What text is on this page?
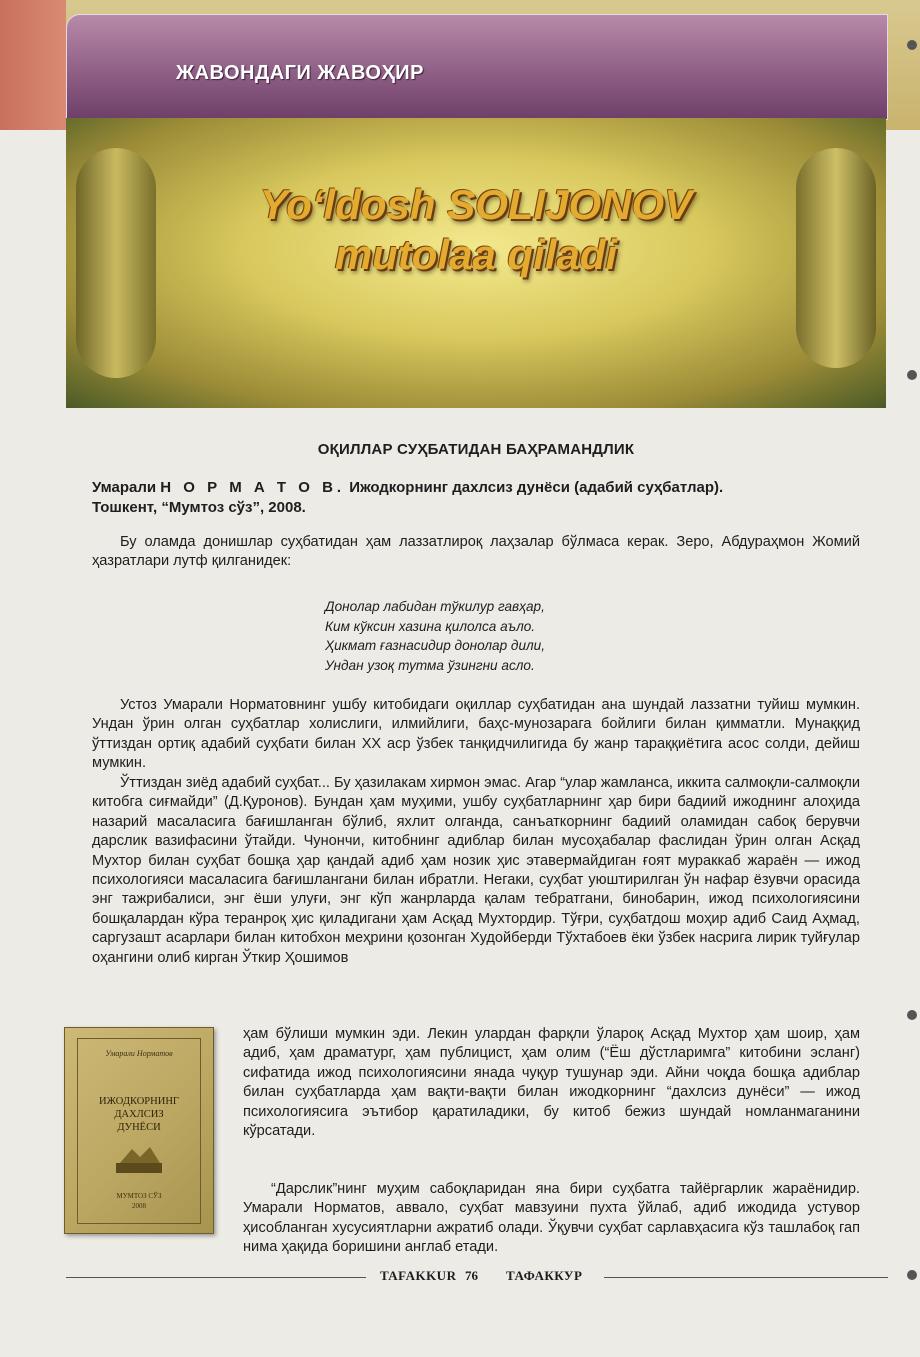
ЖАВОНДАГИ ЖАВОҲИР
Yo‘ldosh SOLIJONOV
mutolaa qiladi
ОҚИЛЛАР СУҲБАТИДАН БАҲРАМАНДЛИК
Умарали Н О Р М А Т О В. Ижодкорнинг дахлсиз дунёси (адабий суҳбатлар).
Тошкент, “Мумтоз сўз”, 2008.

Бу оламда донишлар суҳбатидан ҳам лаззатлироқ лаҳзалар бўлмаса керак. Зеро, Абдураҳмон Жомий ҳазратлари лутф қилганидек:

Донолар лабидан тўкилур гавҳар,
Ким кўксин хазина қилолса аъло.
Ҳикмат ғазнасидир донолар дили,
Ундан узоқ тутма ўзингни асло.

Устоз Умарали Норматовнинг ушбу китобидаги оқиллар суҳбатидан ана шундай лаззатни туйиш мумкин. Ундан ўрин олган суҳбатлар холислиги, илмийлиги, баҳс-мунозарага бойлиги билан қимматли. Мунаққид ўттиздан ортиқ адабий суҳбати билан XX аср ўзбек танқидчилигида бу жанр тараққиётига асос солди, дейиш мумкин.

Ўттиздан зиёд адабий суҳбат... Бу ҳазилакам хирмон эмас. Агар “улар жамланса, иккита салмоқли-салмоқли китобга сиғмайди” (Д.Қуронов). Бундан ҳам муҳими, ушбу суҳбатларнинг ҳар бири бадиий ижоднинг алоҳида назарий масаласига бағишланган бўлиб, яхлит олганда, санъаткорнинг бадиий оламидан сабоқ берувчи дарслик вазифасини ўтайди. Чунончи, китобнинг адиблар билан мусоҳабалар фаслидан ўрин олган Асқад Мухтор билан суҳбат бошқа ҳар қандай адиб ҳам нозик ҳис этавермайдиган ғоят мураккаб жараён — ижод психологияси масаласига бағишлангани билан ибратли. Негаки, суҳбат уюштирилган ўн нафар ёзувчи орасида энг тажрибалиси, энг ёши улуғи, энг кўп жанрларда қалам тебратгани, бинобарин, ижод психологиясини бошқалардан кўра теранроқ ҳис қиладигани ҳам Асқад Мухтордир. Тўғри, суҳбатдош моҳир адиб Саид Аҳмад, саргузашт асарлари билан китобхон меҳрини қозонган Худойберди Тўхтабоев ёки ўзбек насрига лирик туйғулар оҳангини олиб кирган Ўткир Ҳошимов

Умарали Норматов
ИЖОДКОРНИНГ
ДАХЛСИЗ
ДУНЁСИ
МУМТОЗ СЎЗ
2008

ҳам бўлиши мумкин эди. Лекин улардан фарқли ўлароқ Асқад Мухтор ҳам шоир, ҳам адиб, ҳам драматург, ҳам публицист, ҳам олим (“Ёш дўстларимга” китобини эсланг) сифатида ижод психологиясини янада чуқур тушунар эди. Айни чоқда бошқа адиблар билан суҳбатларда ҳам вақти-вақти билан ижодкорнинг “дахлсиз дунёси” — ижод психологиясига эътибор қаратиладики, бу китоб бежиз шундай номланмаганини кўрсатади.

“Дарслик”нинг муҳим сабоқларидан яна бири суҳбатга тайёргарлик жараёнидир. Умарали Норматов, аввало, суҳбат мавзуини пухта ўйлаб, адиб ижодида устувор ҳисобланган хусусиятларни ажратиб олади. Ўқувчи суҳбат сарлавҳасига кўз ташлабоқ гап нима ҳақида боришини англаб етади.

TAFAKKUR 76 ТАФАККУР
